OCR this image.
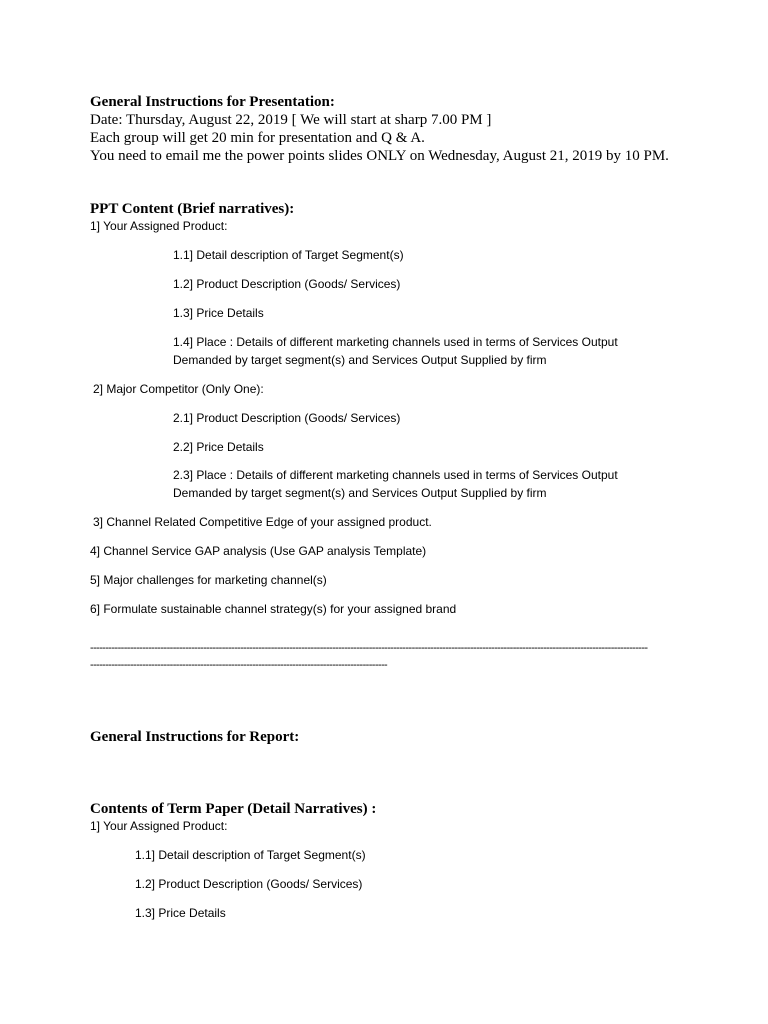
General Instructions for Presentation:
Date: Thursday, August 22, 2019 [ We will start at sharp 7.00 PM ]
Each group will get 20 min for presentation and Q & A.
You need to email me the power points slides ONLY on Wednesday, August 21, 2019 by 10 PM.
PPT Content (Brief narratives):
1] Your Assigned Product:
1.1] Detail description of Target Segment(s)
1.2] Product Description (Goods/ Services)
1.3] Price Details
1.4] Place : Details of different marketing channels used in terms of Services Output
Demanded by target segment(s) and Services Output Supplied by firm
2] Major Competitor (Only One):
2.1] Product Description (Goods/ Services)
2.2] Price Details
2.3] Place : Details of different marketing channels used in terms of Services Output
Demanded by target segment(s) and Services Output Supplied by firm
3] Channel Related Competitive Edge of your assigned product.
4] Channel Service GAP analysis (Use GAP analysis Template)
5] Major challenges for marketing channel(s)
6] Formulate sustainable channel strategy(s) for your assigned brand
--------------------------------------------------------------------------------------------------------------------------------------------------------------------------------------
-------------------------------------------------------------------------------------------------
General Instructions for Report:
Contents of Term Paper (Detail Narratives) :
1] Your Assigned Product:
1.1] Detail description of Target Segment(s)
1.2] Product Description (Goods/ Services)
1.3] Price Details
